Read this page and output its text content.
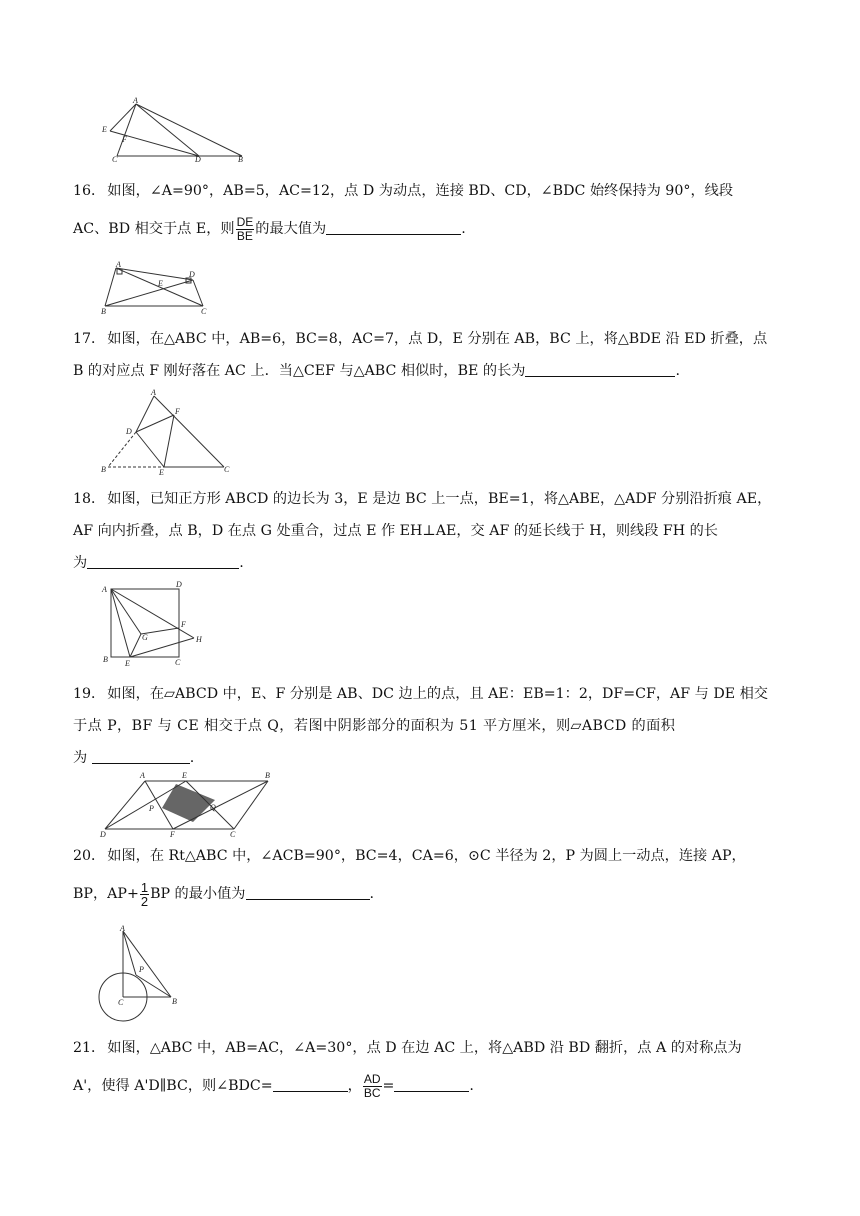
A
E
F
C	D	B
16． 如图，∠A=90°，AB=5，AC=12，点 D 为动点，连接 BD、CD，∠BDC 始终保持为 90°，线段
AC、BD 相交于点 E，则 $\frac{DE}{BE}$ 的最大值为	.
A
D
E
B	C
17． 如图，在△ABC 中，AB=6，BC=8，AC=7，点 D，E 分别在 AB，BC 上，将△BDE 沿 ED 折叠，点
B 的对应点 F 刚好落在 AC 上．当△CEF 与△ABC 相似时，BE 的长为	.
A
F
D
B	E	C
18． 如图，已知正方形 ABCD 的边长为 3，E 是边 BC 上一点，BE=1，将△ABE，△ADF 分别沿折痕 AE，
AF 向内折叠，点 B，D 在点 G 处重合，过点 E 作 EH⊥AE，交 AF 的延长线于 H，则线段 FH 的长
为	.
A
D
F
G	H
B E	C
19． 如图，在▱ABCD 中，E、F 分别是 AB、DC 边上的点，且 AE：EB=1：2，DF=CF，AF 与 DE 相交
于点 P，BF 与 CE 相交于点 Q，若图中阴影部分的面积为 51 平方厘米，则▱ABCD 的面积
为	.
A	E	B
P	Q
D	F	C
20． 如图，在 Rt△ABC 中，∠ACB=90°，BC=4，CA=6，⊙C 半径为 2，P 为圆上一动点，连接 AP，
BP，$AP+ \frac{1}{2}$ BP 的最小值为	.
A
P
C	B
21． 如图，△ABC 中，AB=AC，∠A=30°，点 D 在边 AC 上，将△ABD 沿 BD 翻折，点 A 的对称点为
A'，使得 A'D∥BC，则∠BDC=	， $\frac{AD}{BC}$ =	.
